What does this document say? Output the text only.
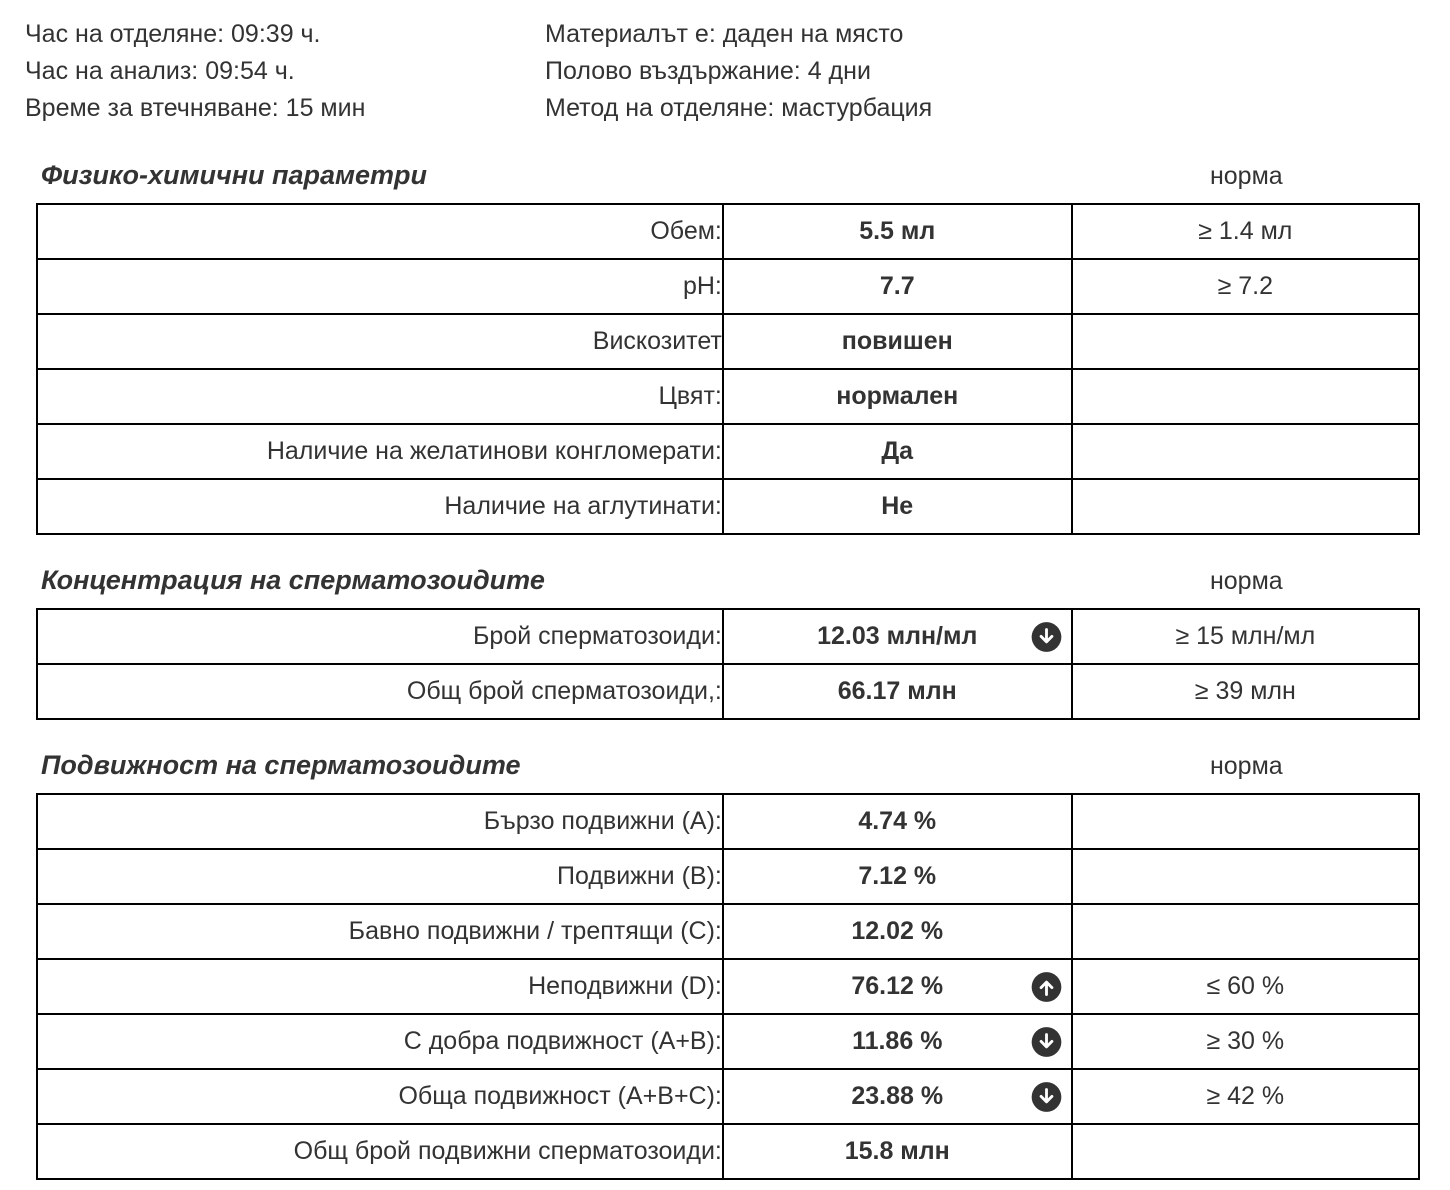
Час на отделяне: 09:39 ч.
Час на анализ: 09:54 ч.
Време за втечняване: 15 мин
Материалът е: даден на място
Полово въздържание: 4 дни
Метод на отделяне: мастурбация
Физико-химични параметри	норма
Обем:	5.5 мл	≥ 1.4 мл
pH:	7.7	≥ 7.2
Вискозитет	повишен	
Цвят:	нормален	
Наличие на желатинови конгломерати:	Да	
Наличие на аглутинати:	Не	
Концентрация на сперматозоидите	норма
Брой сперматозоиди:	12.03 млн/мл	≥ 15 млн/мл
Общ брой сперматозоиди,:	66.17 млн	≥ 39 млн
Подвижност на сперматозоидите	норма
Бързо подвижни (А):	4.74 %	
Подвижни (B):	7.12 %	
Бавно подвижни / трептящи (C):	12.02 %	
Неподвижни (D):	76.12 %	≤ 60 %
С добра подвижност (A+B):	11.86 %	≥ 30 %
Обща подвижност (A+B+C):	23.88 %	≥ 42 %
Общ брой подвижни сперматозоиди:	15.8 млн	
